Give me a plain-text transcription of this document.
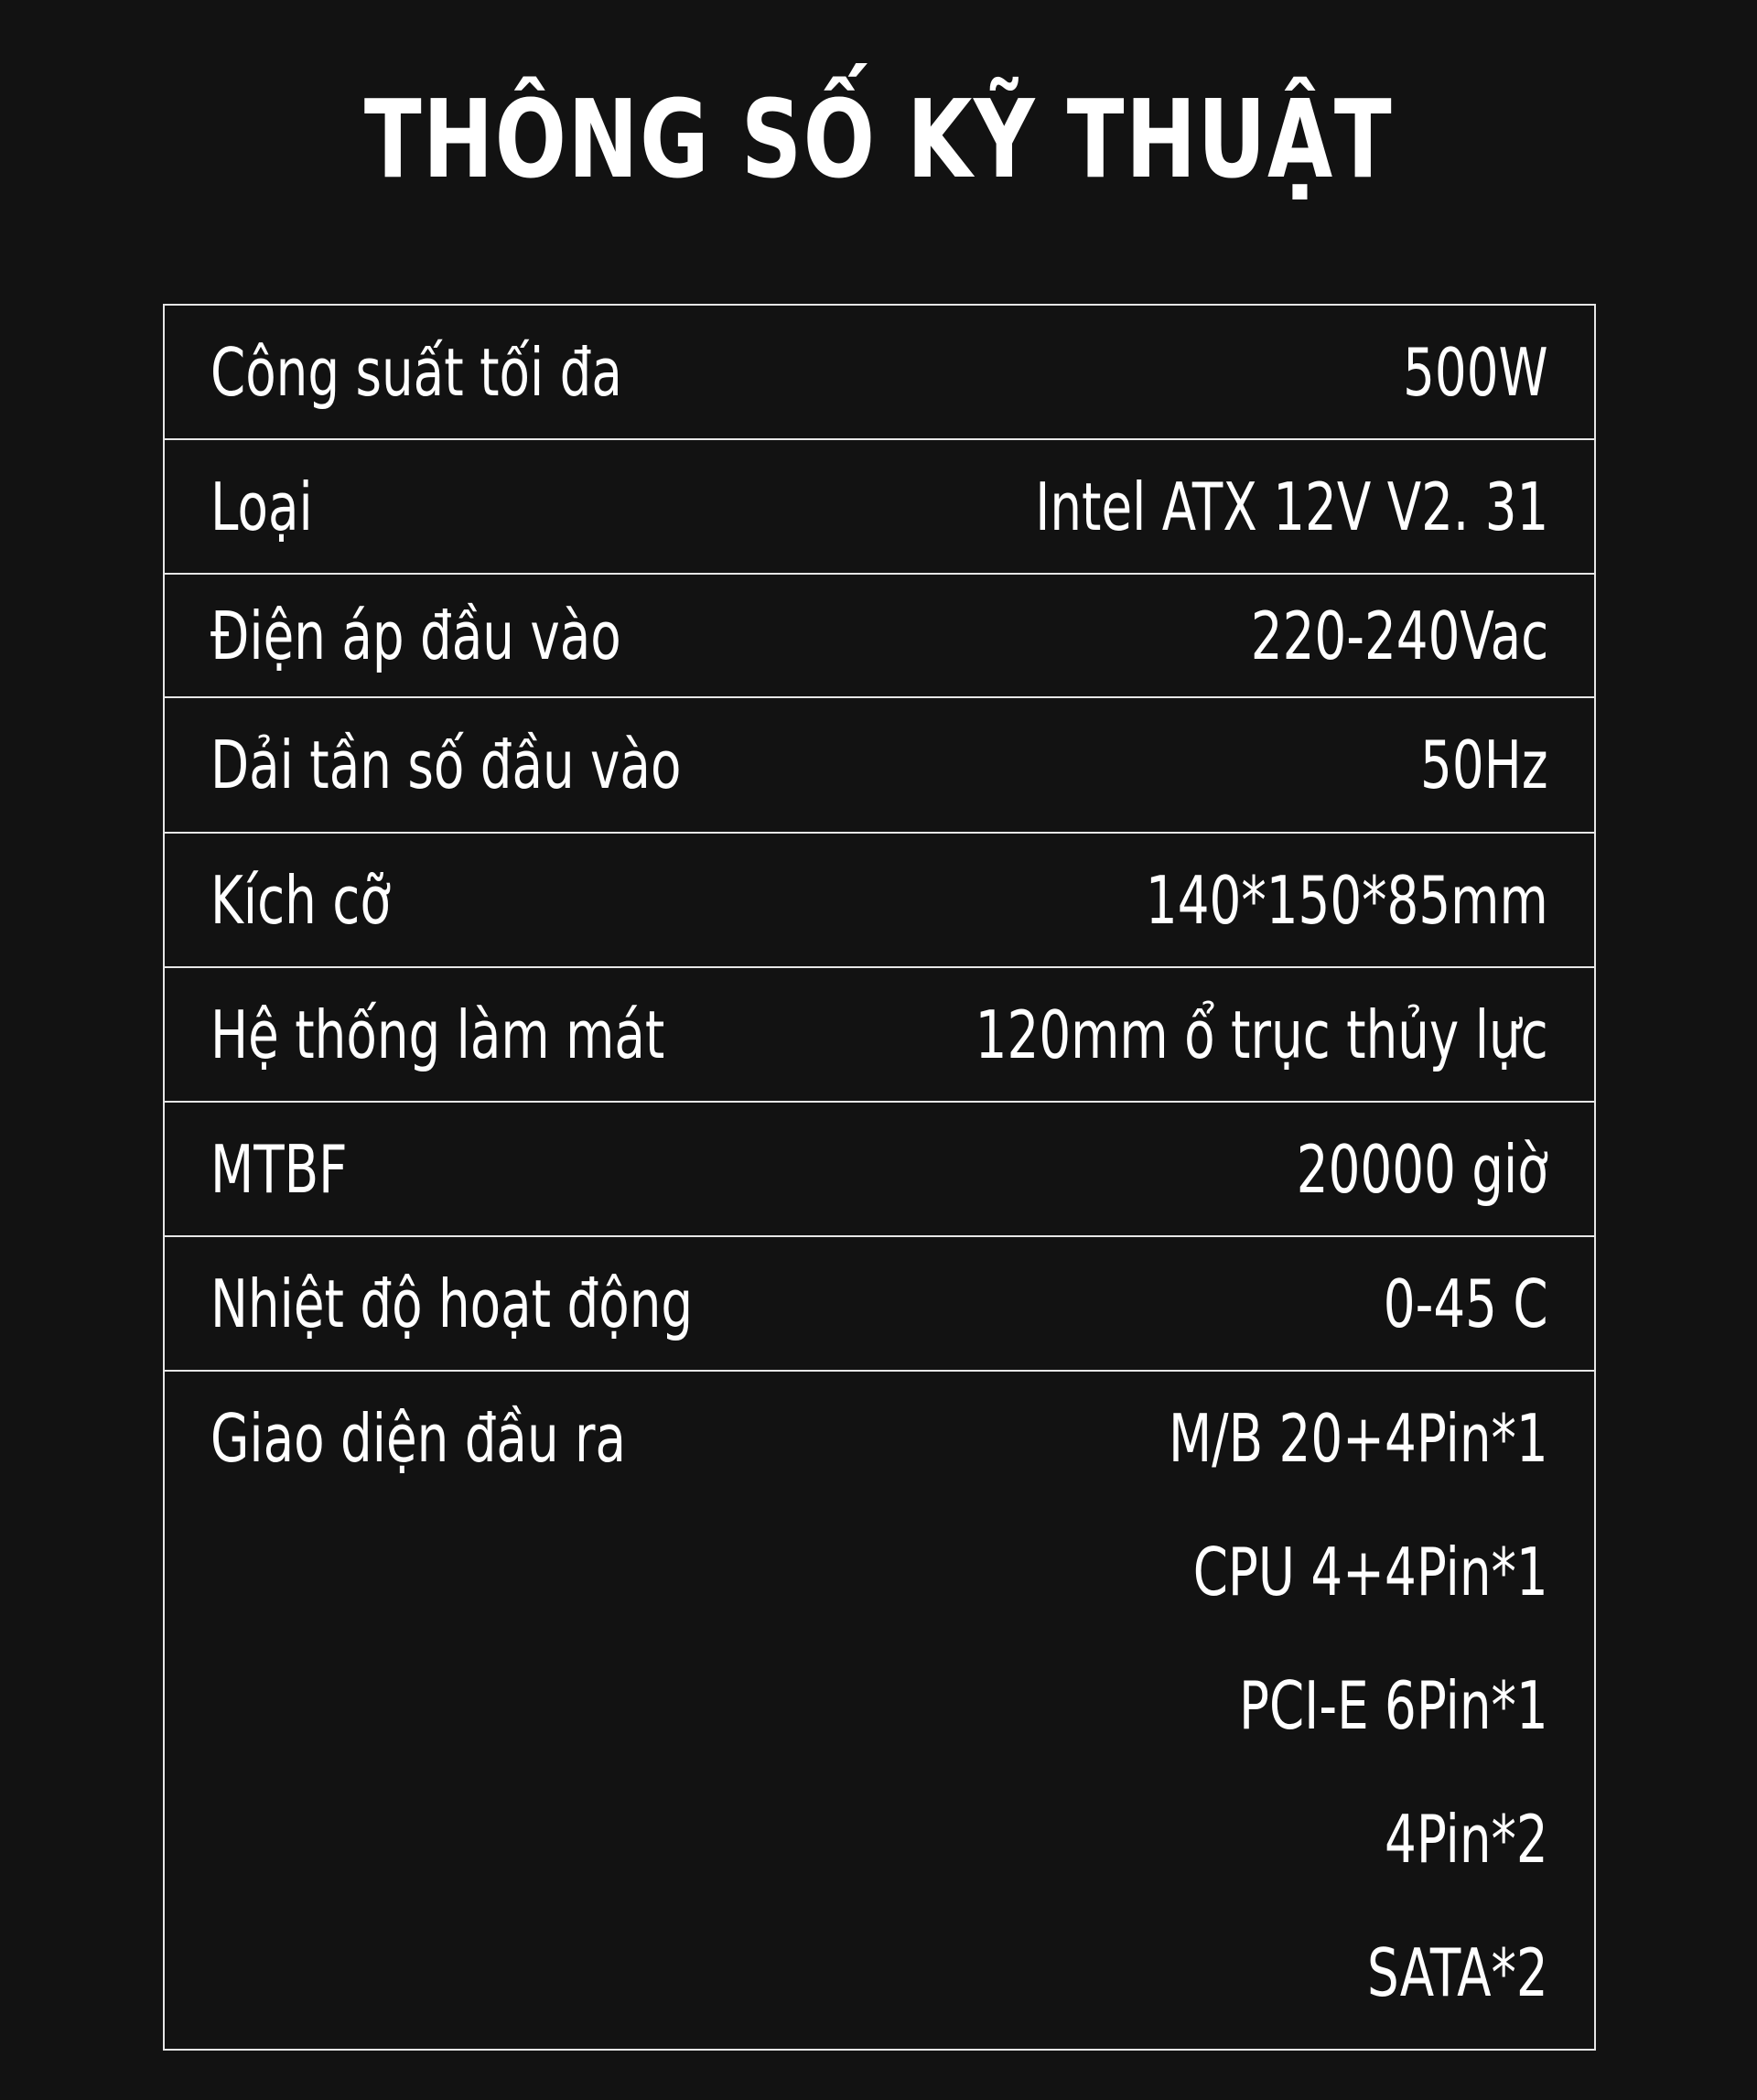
THÔNG SỐ KỸ THUẬT
Công suất tối đa	500W
Loại	Intel ATX 12V V2. 31
Điện áp đầu vào	220-240Vac
Dải tần số đầu vào	50Hz
Kích cỡ	140*150*85mm
Hệ thống làm mát	120mm ổ trục thủy lực
MTBF	20000 giờ
Nhiệt độ hoạt động	0-45 C
Giao diện đầu ra	M/B 20+4Pin*1
CPU 4+4Pin*1
PCI-E 6Pin*1
4Pin*2
SATA*2
